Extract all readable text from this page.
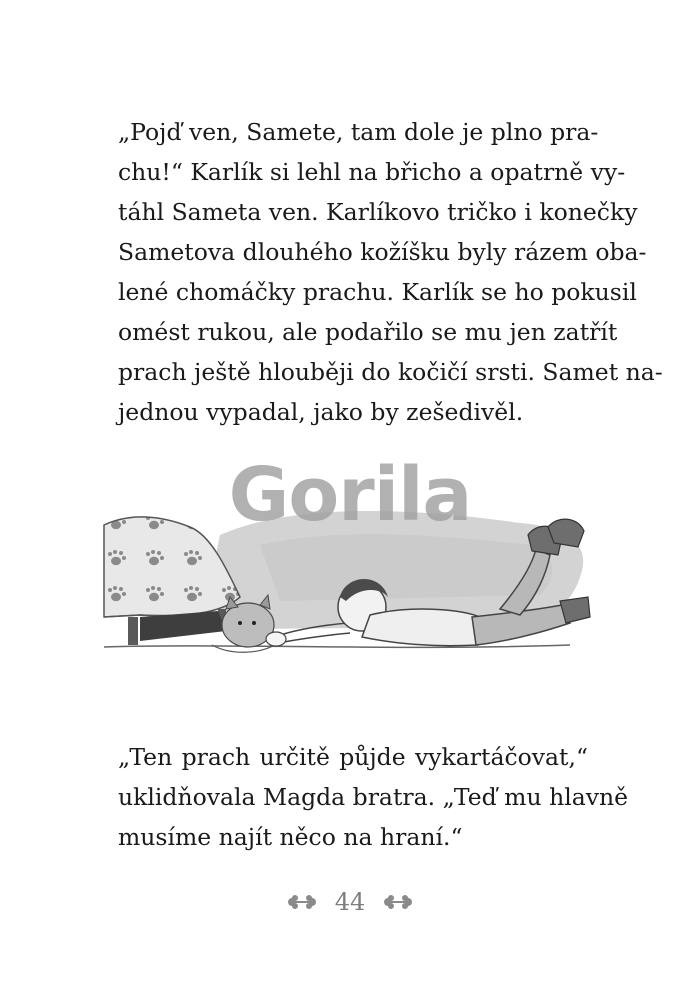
„Pojď ven, Samete, tam dole je plno pra-
chu!“ Karlík si lehl na břicho a opatrně vy-
táhl Sameta ven. Karlíkovo tričko i konečky
Sametova dlouhého kožíšku byly rázem oba-
lené chomáčky prachu. Karlík se ho pokusil
omést rukou, ale podařilo se mu jen zatřít
prach ještě hlouběji do kočičí srsti. Samet na-
jednou vypadal, jako by zešedivěl.
Gorila
„Ten prach určitě půjde vykartáčovat,“
uklidňovala Magda bratra. „Teď mu hlavně
musíme najít něco na hraní.“
44
